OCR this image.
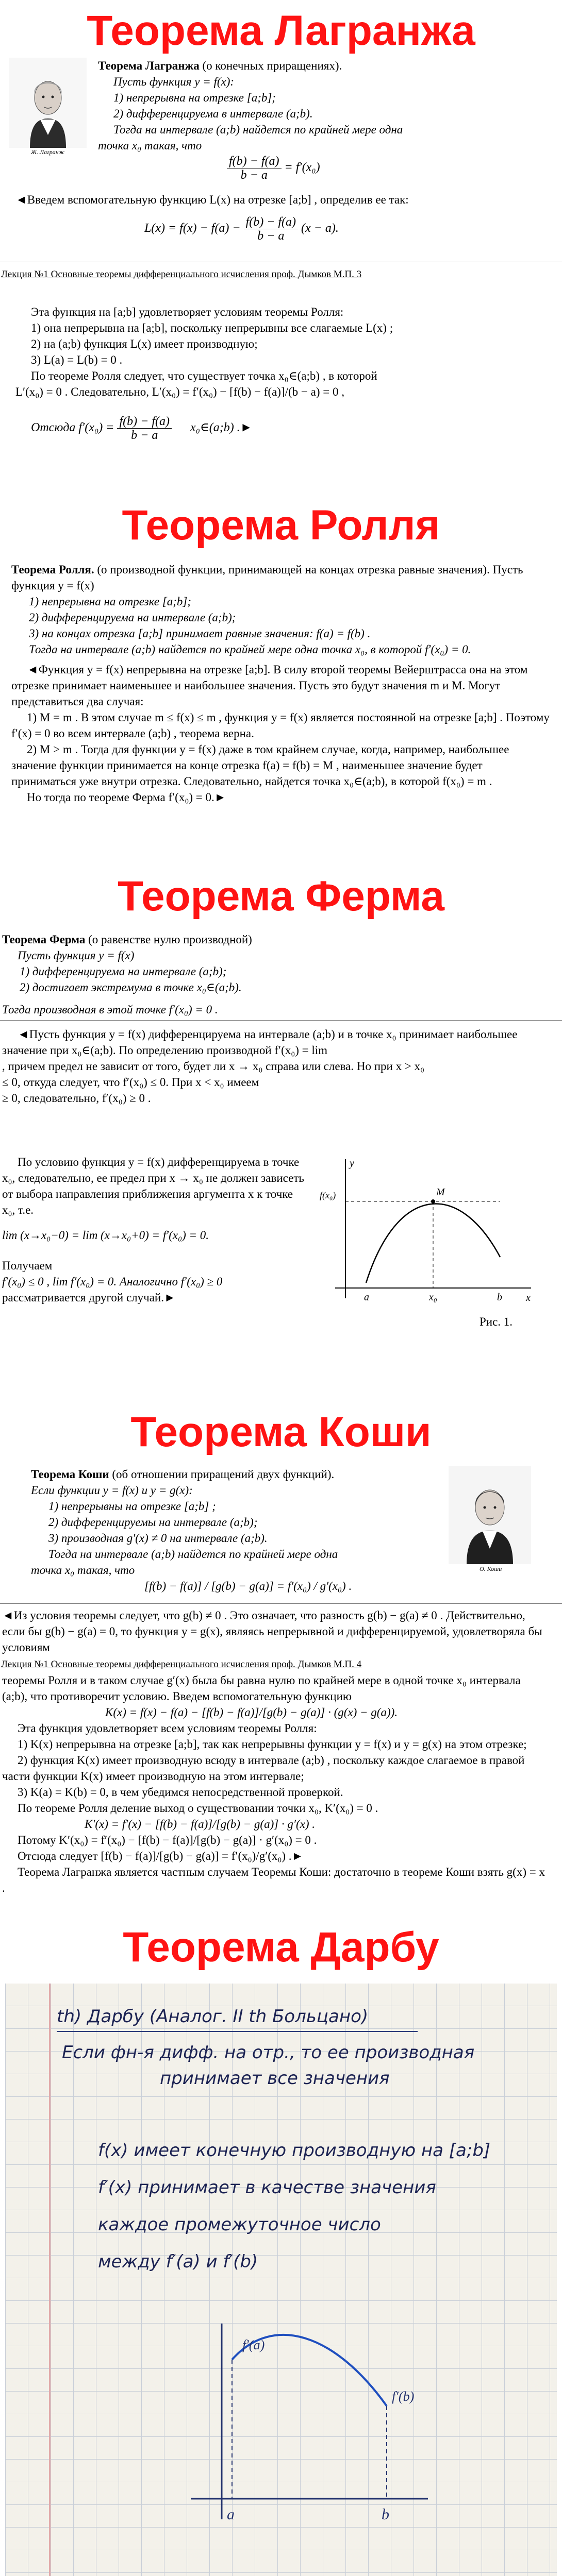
Теорема Лагранжа
Ж. Лагранж

Теорема Лагранжа (о конечных приращениях).

Пусть функция y = f(x):

1) непрерывна на отрезке [a;b];

2) дифференцируема в интервале (a;b).

Тогда на интервале (a;b) найдется по крайней мере одна

точка x₀ такая, что

$\frac{f(b) - f(a)}{b - a} = f'(x_0)$
◄Введем вспомогательную функцию L(x) на отрезке [a;b] , определив ее так:
$L(x) = f(x) - f(a) - \frac{f(b) - f(a)}{b - a} (x - a)$.
Лекция №1 Основные теоремы дифференциального исчисления проф. Дымков М.П. 3

Эта функция на [a;b] удовлетворяет условиям теоремы Ролля:

1) она непрерывна на [a;b], поскольку непрерывны все слагаемые L(x) ;

2) на (a;b) функция L(x) имеет производную;

3) L(a) = L(b) = 0 .

По теореме Ролля следует, что существует точка x₀∈(a;b) , в которой

L′(x₀) = 0 . Следовательно, L′(x₀) = f′(x₀) − [f(b) − f(a)]/(b − a) = 0 ,

Отсюда $f'(x_0) = \frac{f(b) - f(a)}{b - a}$ x₀∈(a;b) .►
Теорема Ролля

Теорема Ролля. (о производной функции, принимающей на концах отрезка равные значения). Пусть функция y = f(x)

1) непрерывна на отрезке [a;b];

2) дифференцируема на интервале (a;b);

3) на концах отрезка [a;b] принимает равные значения: f(a) = f(b) .

Тогда на интервале (a;b) найдется по крайней мере одна точка x₀, в которой f′(x₀) = 0.

◄Функция y = f(x) непрерывна на отрезке [a;b]. В силу второй теоремы Вейерштрасса она на этом отрезке принимает наименьшее и наибольшее значения. Пусть это будут значения m и M. Могут представиться два случая:

1) M = m . В этом случае m ≤ f(x) ≤ m , функция y = f(x) является постоянной на отрезке [a;b] . Поэтому f′(x) = 0 во всем интервале (a;b) , теорема верна.

2) M > m . Тогда для функции y = f(x) даже в том крайнем случае, когда, например, наибольшее значение функции принимается на конце отрезка f(a) = f(b) = M , наименьшее значение будет приниматься уже внутри отрезка. Следовательно, найдется точка x₀∈(a;b), в которой f(x₀) = m .

Но тогда по теореме Ферма f′(x₀) = 0.►

Теорема Ферма

Теорема Ферма (о равенстве нулю производной)

Пусть функция y = f(x)

1) дифференцируема на интервале (a;b);

2) достигает экстремума в точке x₀∈(a;b).

Тогда производная в этой точке f′(x₀) = 0 .

◄Пусть функция y = f(x) дифференцируема на интервале (a;b) и в точке x₀ принимает наибольшее значение при x₀∈(a;b). По определению производной f′(x₀) = lim

, причем предел не зависит от того, будет ли x → x₀ справа или слева. Но при x > x₀

≤ 0, откуда следует, что f′(x₀) ≤ 0. При x < x₀ имеем

≥ 0, следовательно, f′(x₀) ≥ 0 .

По условию функция y = f(x) дифференцируема в точке x₀, следовательно, ее предел при x → x₀ не должен зависеть от выбора направления приближения аргумента x к точке x₀, т.е.

lim (x→x₀−0) = lim (x→x₀+0) = f′(x₀) = 0.

Получаем

f′(x₀) ≤ 0 , lim f′(x₀) = 0. Аналогично f′(x₀) ≥ 0

рассматривается другой случай.►	x
y
f(x₀)	M
a	x₀	b
Рис. 1.
Теорема Коши

Теорема Коши (об отношении приращений двух функций).

Если функции y = f(x) и y = g(x):

1) непрерывны на отрезке [a;b] ;

2) дифференцируемы на интервале (a;b);

3) производная g′(x) ≠ 0 на интервале (a;b).

Тогда на интервале (a;b) найдется по крайней мере одна

точка x₀ такая, что

[f(b) − f(a)] / [g(b) − g(a)] = f′(x₀) / g′(x₀) .

О. Коши
◄Из условия теоремы следует, что g(b) ≠ 0 . Это означает, что разность g(b) − g(a) ≠ 0 . Действительно, если бы g(b) − g(a) = 0, то функция y = g(x), являясь непрерывной и дифференцируемой, удовлетворяла бы условиям
Лекция №1 Основные теоремы дифференциального исчисления проф. Дымков М.П. 4

теоремы Ролля и в таком случае g′(x) была бы равна нулю по крайней мере в одной точке x₀ интервала (a;b), что противоречит условию. Введем вспомогательную функцию

K(x) = f(x) − f(a) − [f(b) − f(a)]/[g(b) − g(a)] · (g(x) − g(a)).

Эта функция удовлетворяет всем условиям теоремы Ролля:

1) K(x) непрерывна на отрезке [a;b], так как непрерывны функции y = f(x) и y = g(x) на этом отрезке;

2) функция K(x) имеет производную всюду в интервале (a;b) , поскольку каждое слагаемое в правой части функции K(x) имеет производную на этом интервале;

3) K(a) = K(b) = 0, в чем убедимся непосредственной проверкой.

По теореме Ролля деление выход о существовании точки x₀, K′(x₀) = 0 .

K′(x) = f′(x) − [f(b) − f(a)]/[g(b) − g(a)] · g′(x) .

Потому K′(x₀) = f′(x₀) − [f(b) − f(a)]/[g(b) − g(a)] · g′(x₀) = 0 .

Отсюда следует [f(b) − f(a)]/[g(b) − g(a)] = f′(x₀)/g′(x₀) .►

Теорема Лагранжа является частным случаем Теоремы Коши: достаточно в теореме Коши взять g(x) = x .

Теорема Дарбу
th) Дарбу (Аналог. II th Больцано)
Если фн-я дифф. на отр., то ее производная
принимает все значения
f(x) имеет конечную производную на [a;b]
f′(x) принимает в качестве значения
каждое промежуточное число
между f′(a) и f′(b)
a	b
f′(a)
f′(b)
